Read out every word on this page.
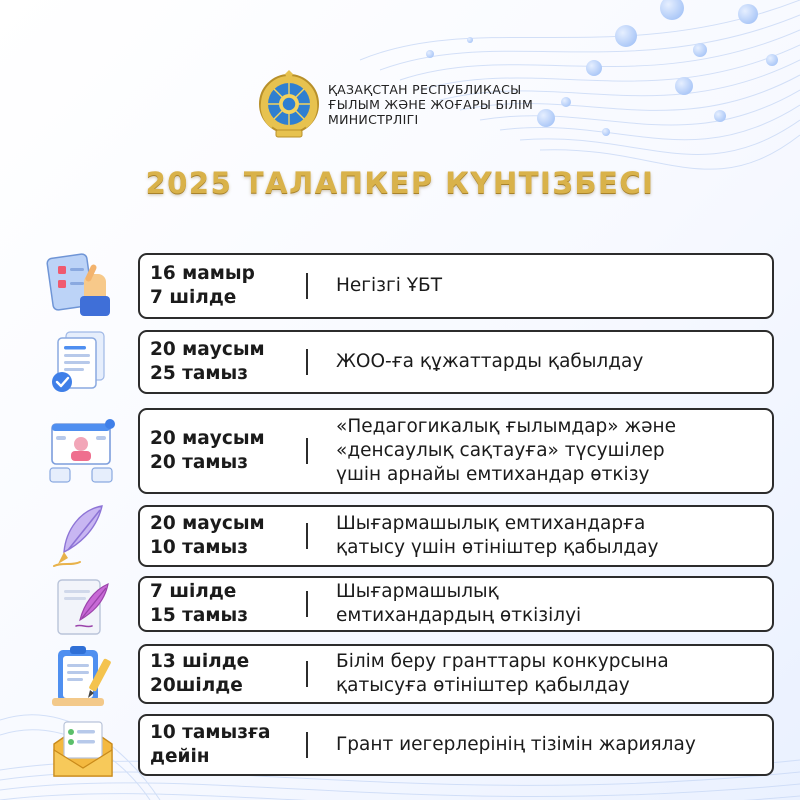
ҚАЗАҚСТАН РЕСПУБЛИКАСЫ
ҒЫЛЫМ ЖӘНЕ ЖОҒАРЫ БІЛІМ
МИНИСТРЛІГІ
2025 ТАЛАПКЕР КҮНТІЗБЕСІ
16 мамыр
7 шілде
Негізгі ҰБТ
20 маусым
25 тамыз
ЖОО-ға құжаттарды қабылдау
20 маусым
20 тамыз
«Педагогикалық ғылымдар» және
«денсаулық сақтауға» түсушілер
үшін арнайы емтихандар өткізу
20 маусым
10 тамыз
Шығармашылық емтихандарға
қатысу үшін өтініштер қабылдау
7 шілде
15 тамыз
Шығармашылық
емтихандардың өткізілуі
13 шілде
20шілде
Білім беру гранттары конкурсына
қатысуға өтініштер қабылдау
10 тамызға
дейін
Грант иегерлерінің тізімін жариялау
